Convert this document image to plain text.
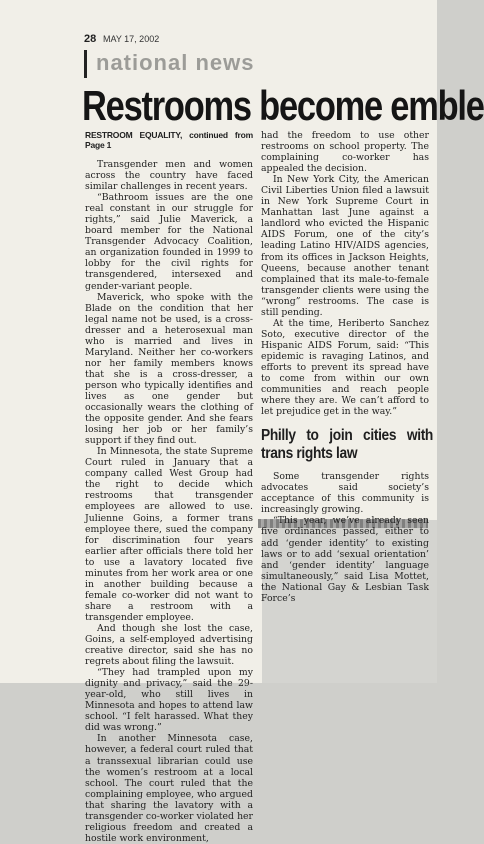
28 MAY 17, 2002
national news
Restrooms become emble

RESTROOM EQUALITY, continued from Page 1

Transgender men and women across the country have faced similar challenges in recent years.

“Bathroom issues are the one real constant in our struggle for rights,” said Julie Maverick, a board member for the National Transgender Advocacy Coalition, an organization founded in 1999 to lobby for the civil rights for transgendered, intersexed and gender-variant people.

Maverick, who spoke with the Blade on the condition that her legal name not be used, is a cross-dresser and a heterosexual man who is married and lives in Maryland. Neither her co-workers nor her family members knows that she is a cross-dresser, a person who typically identifies and lives as one gender but occasionally wears the clothing of the opposite gender. And she fears losing her job or her family’s support if they find out.

In Minnesota, the state Supreme Court ruled in January that a company called West Group had the right to decide which restrooms that transgender employees are allowed to use. Julienne Goins, a former trans employee there, sued the company for discrimination four years earlier after officials there told her to use a lavatory located five minutes from her work area or one in another building because a female co-worker did not want to share a restroom with a transgender employee.

And though she lost the case, Goins, a self-employed advertising creative director, said she has no regrets about filing the lawsuit.

“They had trampled upon my dignity and privacy,” said the 29-year-old, who still lives in Minnesota and hopes to attend law school. “I felt harassed. What they did was wrong.”

In another Minnesota case, however, a federal court ruled that a transsexual librarian could use the women’s restroom at a local school. The court ruled that the complaining employee, who argued that sharing the lavatory with a transgender co-worker violated her religious freedom and created a hostile work environment,

had the freedom to use other restrooms on school property. The complaining co-worker has appealed the decision.

In New York City, the American Civil Liberties Union filed a lawsuit in New York Supreme Court in Manhattan last June against a landlord who evicted the Hispanic AIDS Forum, one of the city’s leading Latino HIV/AIDS agencies, from its offices in Jackson Heights, Queens, because another tenant complained that its male-to-female transgender clients were using the “wrong” restrooms. The case is still pending.

At the time, Heriberto Sanchez Soto, executive director of the Hispanic AIDS Forum, said: “This epidemic is ravaging Latinos, and efforts to prevent its spread have to come from within our own communities and reach people where they are. We can’t afford to let prejudice get in the way.”

Philly to join cities with trans rights law

Some transgender rights advocates said society’s acceptance of this community is increasingly growing.

“This year, we’ve already seen five ordinances passed, either to add ‘gender identity’ to existing laws or to add ‘sexual orientation’ and ‘gender identity’ language simultaneously,” said Lisa Mottet, the National Gay & Lesbian Task Force’s
